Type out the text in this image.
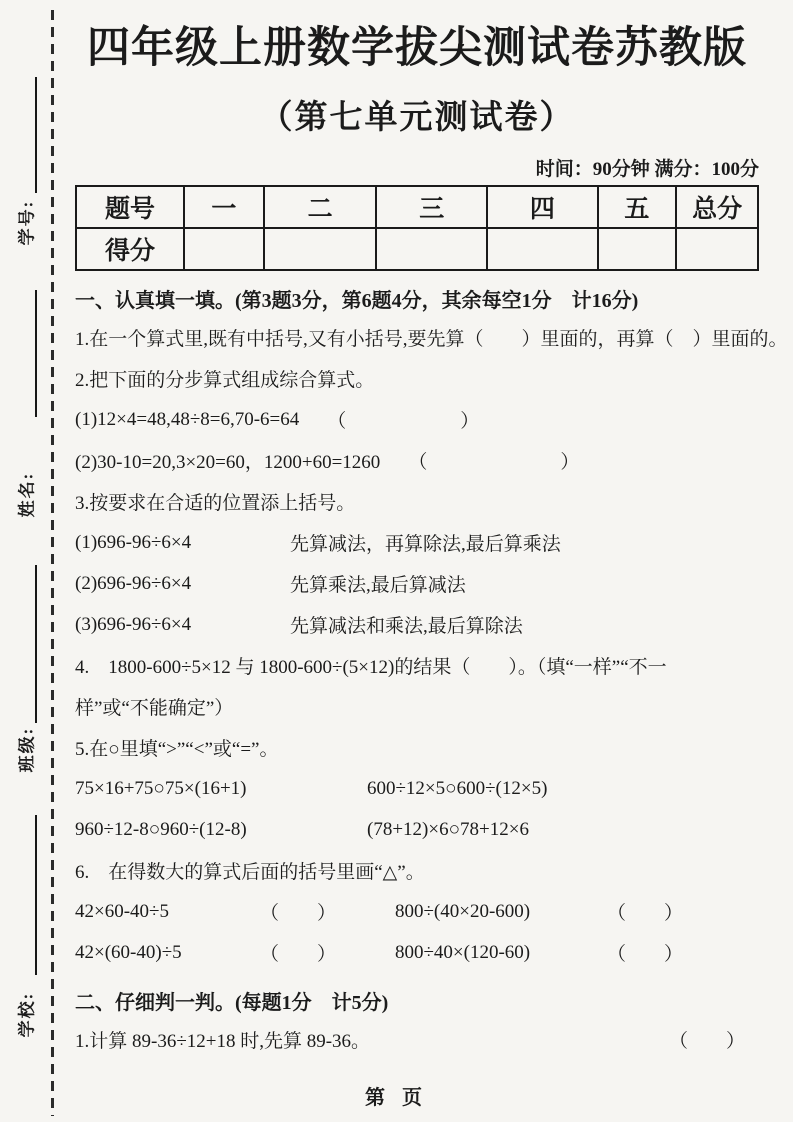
学号:
姓名:
班级:
学校:
四年级上册数学拔尖测试卷苏教版
（第七单元测试卷）
时间：90分钟 满分：100分
题号	一	二	三	四	五	总分
得分						
一、认真填一填。(第3题3分，第6题4分，其余每空1分　计16分)
1.在一个算式里,既有中括号,又有小括号,要先算（　　）里面的，再算（　）里面的。
2.把下面的分步算式组成综合算式。
(1)12×4=48,48÷8=6,70-6=64 （　　　　　　）
(2)30-10=20,3×20=60，1200+60=1260 （　　　　　　　）
3.按要求在合适的位置添上括号。
(1)696-96÷6×4	先算减法，再算除法,最后算乘法
(2)696-96÷6×4	先算乘法,最后算减法
(3)696-96÷6×4	先算减法和乘法,最后算除法
4.　1800-600÷5×12 与 1800-600÷(5×12)的结果（　　）。（填“一样”“不一
样”或“不能确定”）
5.在○里填“>”“<”或“=”。
75×16+75○75×(16+1)	600÷12×5○600÷(12×5)
960÷12-8○960÷(12-8)	(78+12)×6○78+12×6
6.　在得数大的算式后面的括号里画“△”。
42×60-40÷5	（　　）	800÷(40×20-600)	（　　）
42×(60-40)÷5	（　　）	800÷40×(120-60)	（　　）
二、仔细判一判。(每题1分　计5分)
1.计算 89-36÷12+18 时,先算 89-36。	（　　）
第 页
